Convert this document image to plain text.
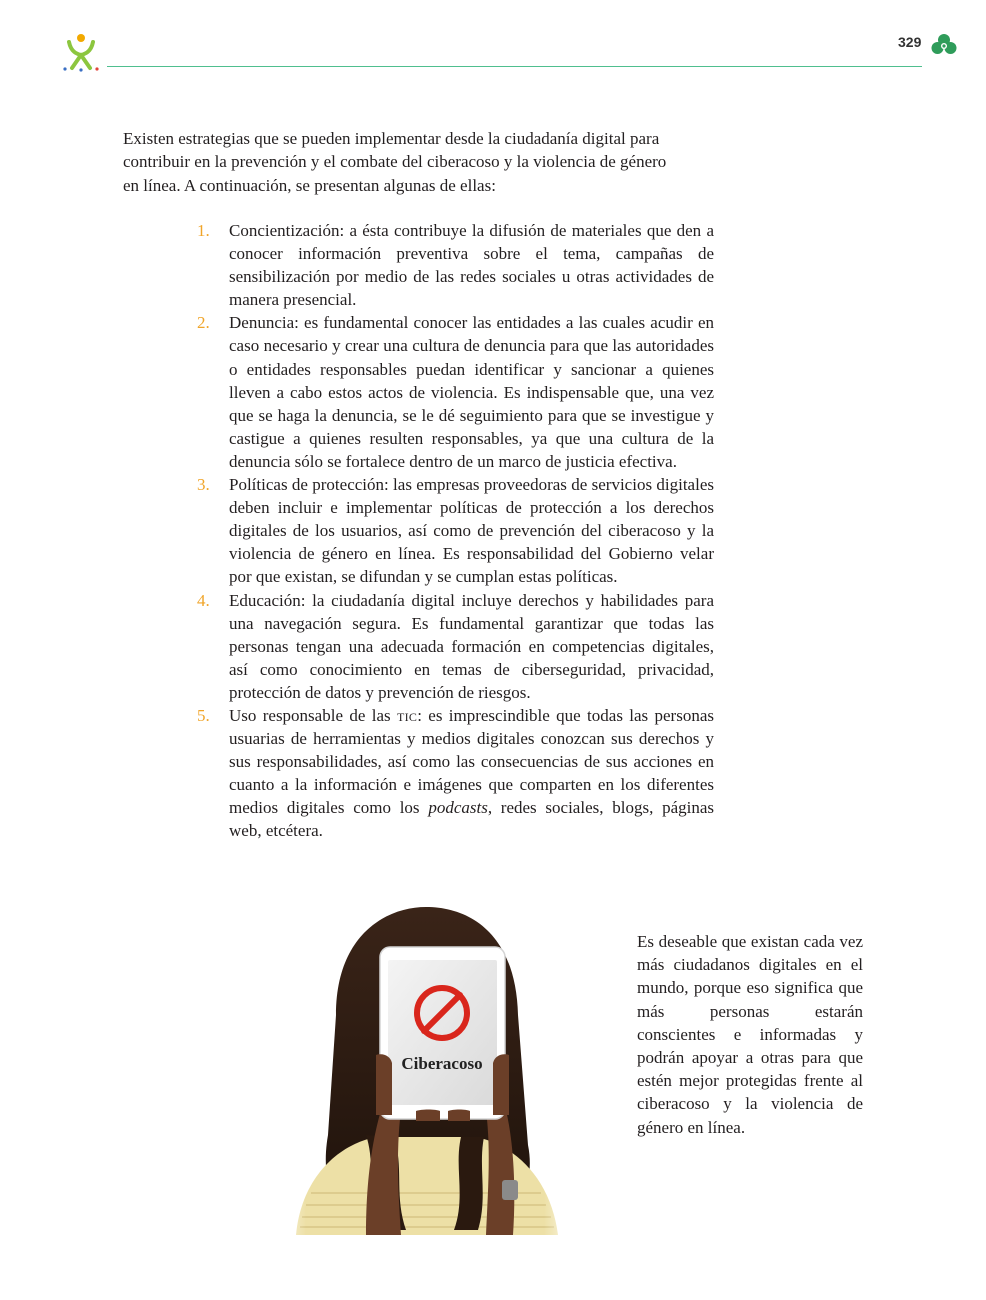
329

Existen estrategias que se pueden implementar desde la ciudadanía digital para contribuir en la prevención y el combate del ciberacoso y la violencia de género en línea. A continuación, se presentan algunas de ellas:

1. Concientización: a ésta contribuye la difusión de materiales que den a conocer información preventiva sobre el tema, campañas de sensibilización por medio de las redes sociales u otras actividades de manera presencial.
2. Denuncia: es fundamental conocer las entidades a las cuales acudir en caso necesario y crear una cultura de denuncia para que las autoridades o entidades responsables puedan identificar y sancionar a quienes lleven a cabo estos actos de violencia. Es indispensable que, una vez que se haga la denuncia, se le dé seguimiento para que se investigue y castigue a quienes resulten responsables, ya que una cultura de la denuncia sólo se fortalece dentro de un marco de justicia efectiva.
3. Políticas de protección: las empresas proveedoras de servicios digitales deben incluir e implementar políticas de protección a los derechos digitales de los usuarios, así como de prevención del ciberacoso y la violencia de género en línea. Es responsabilidad del Gobierno velar por que existan, se difundan y se cumplan estas políticas.
4. Educación: la ciudadanía digital incluye derechos y habilidades para una navegación segura. Es fundamental garantizar que todas las personas tengan una adecuada formación en competencias digitales, así como conocimiento en temas de ciberseguridad, privacidad, protección de datos y prevención de riesgos.
5. Uso responsable de las tic: es imprescindible que todas las personas usuarias de herramientas y medios digitales conozcan sus derechos y sus responsabilidades, así como las consecuencias de sus acciones en cuanto a la información e imágenes que comparten en los diferentes medios digitales como los podcasts, redes sociales, blogs, páginas web, etcétera.
Ciberacoso

Es deseable que existan cada vez más ciudadanos digitales en el mundo, porque eso significa que más personas estarán conscientes e informadas y podrán apoyar a otras para que estén mejor protegidas frente al ciberacoso y la violencia de género en línea.
